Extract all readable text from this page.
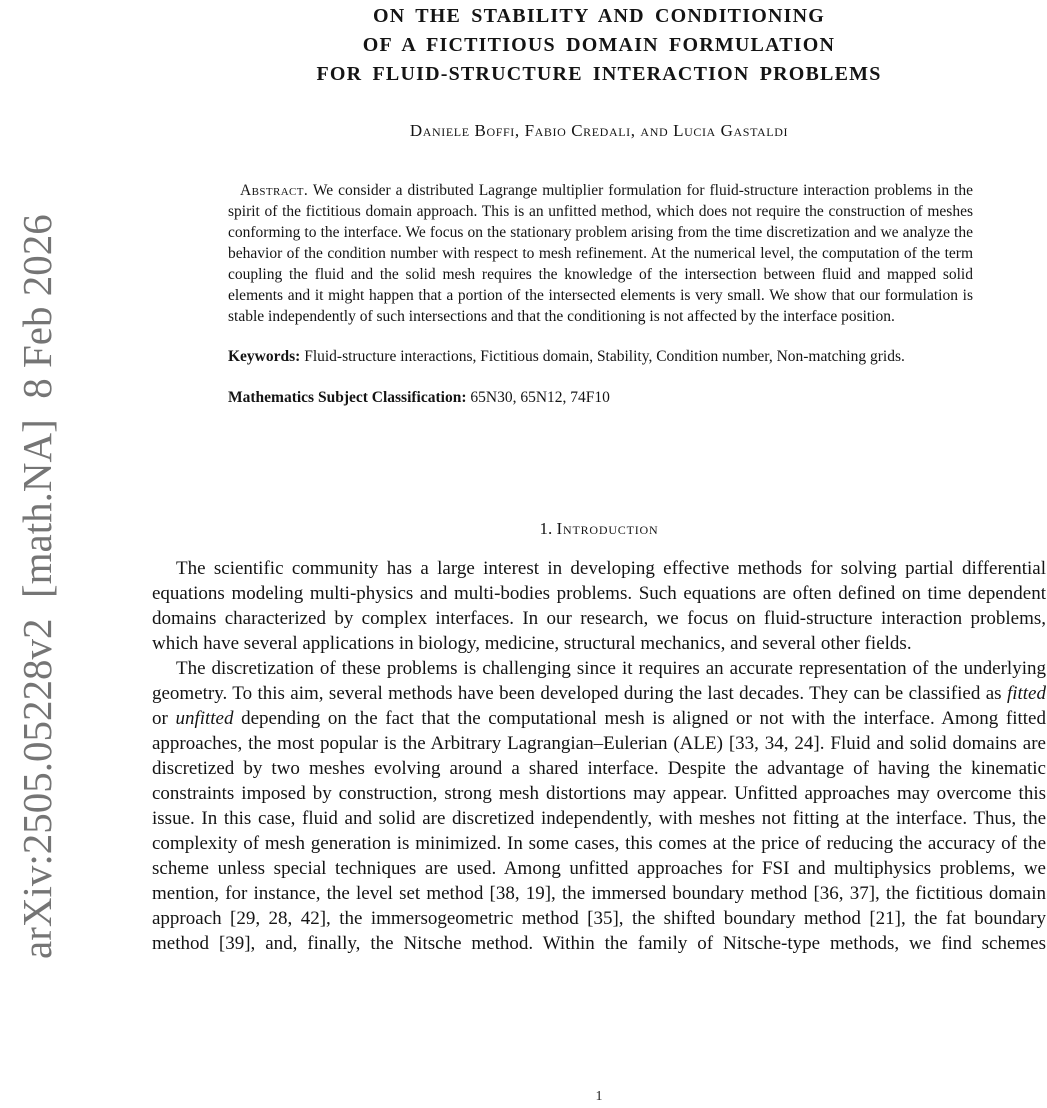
arXiv:2505.05228v2  [math.NA]  8 Feb 2026
ON THE STABILITY AND CONDITIONING
OF A FICTITIOUS DOMAIN FORMULATION
FOR FLUID-STRUCTURE INTERACTION PROBLEMS
Daniele Boffi, Fabio Credali, and Lucia Gastaldi

Abstract. We consider a distributed Lagrange multiplier formulation for fluid-structure interaction problems in the spirit of the fictitious domain approach. This is an unfitted method, which does not require the construction of meshes conforming to the interface. We focus on the stationary problem arising from the time discretization and we analyze the behavior of the condition number with respect to mesh refinement. At the numerical level, the computation of the term coupling the fluid and the solid mesh requires the knowledge of the intersection between fluid and mapped solid elements and it might happen that a portion of the intersected elements is very small. We show that our formulation is stable independently of such intersections and that the conditioning is not affected by the interface position.

Keywords: Fluid-structure interactions, Fictitious domain, Stability, Condition number, Non-matching grids.

Mathematics Subject Classification: 65N30, 65N12, 74F10

1. Introduction

The scientific community has a large interest in developing effective methods for solving partial differential equations modeling multi-physics and multi-bodies problems. Such equations are often defined on time dependent domains characterized by complex interfaces. In our research, we focus on fluid-structure interaction problems, which have several applications in biology, medicine, structural mechanics, and several other fields.

The discretization of these problems is challenging since it requires an accurate representation of the underlying geometry. To this aim, several methods have been developed during the last decades. They can be classified as fitted or unfitted depending on the fact that the computational mesh is aligned or not with the interface. Among fitted approaches, the most popular is the Arbitrary Lagrangian–Eulerian (ALE) [33, 34, 24]. Fluid and solid domains are discretized by two meshes evolving around a shared interface. Despite the advantage of having the kinematic constraints imposed by construction, strong mesh distortions may appear. Unfitted approaches may overcome this issue. In this case, fluid and solid are discretized independently, with meshes not fitting at the interface. Thus, the complexity of mesh generation is minimized. In some cases, this comes at the price of reducing the accuracy of the scheme unless special techniques are used. Among unfitted approaches for FSI and multiphysics problems, we mention, for instance, the level set method [38, 19], the immersed boundary method [36, 37], the fictitious domain approach [29, 28, 42], the immersogeometric method [35], the shifted boundary method [21], the fat boundary method [39], and, finally, the Nitsche method. Within the family of Nitsche-type methods, we find schemes

1
